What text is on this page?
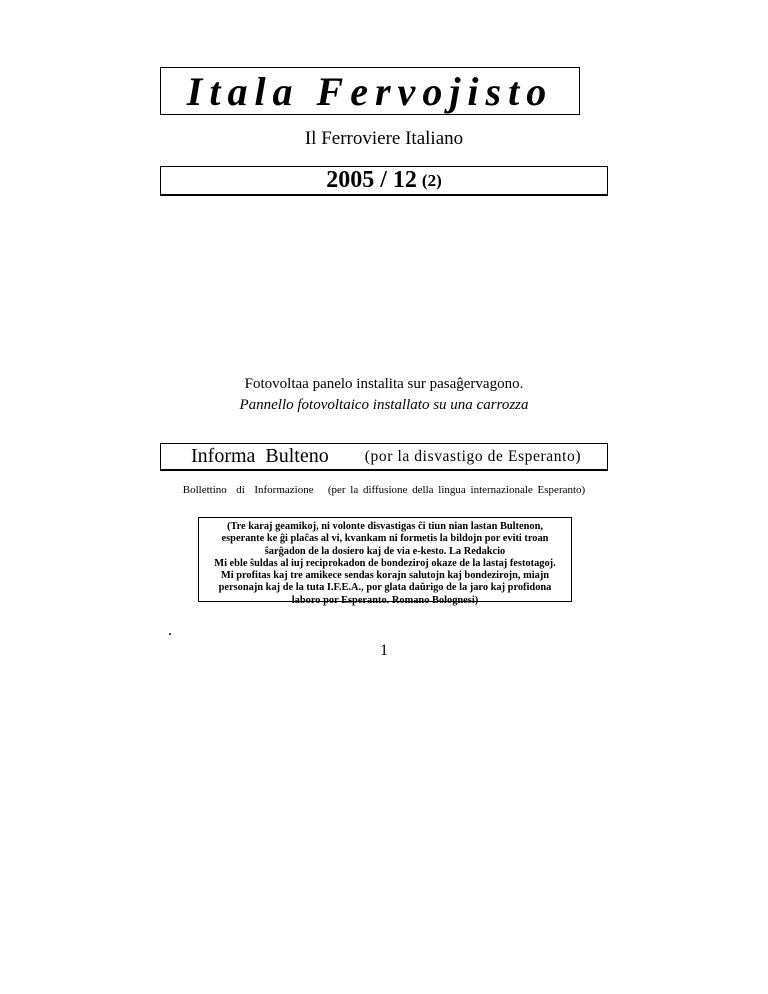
Itala Fervojisto
Il Ferroviere Italiano
2005 / 12 (2)
Fotovoltaa panelo instalita sur pasaĝervagono.
Pannello fotovoltaico installato su una carrozza
Informa  Bulteno (por la disvastigo de Esperanto)
Bollettino  di  Informazione   (per la diffusione della lingua internazionale Esperanto)

(Tre karaj geamikoj, ni volonte disvastigas ĉi tiun nian lastan Bultenon, esperante ke ĝi plaĉas al vi, kvankam ni formetis la bildojn por eviti troan ŝarĝadon de la dosiero kaj de via e-kesto. La Redakcio

Mi eble ŝuldas al iuj reciprokadon de bondeziroj okaze de la lastaj festotagoj. Mi profitas kaj tre amikece sendas korajn salutojn kaj bondezirojn, miajn personajn kaj de la tuta I.F.E.A., por glata daŭrigo de la jaro kaj profidona laboro por Esperanto. Romano Bolognesi)

.
1
